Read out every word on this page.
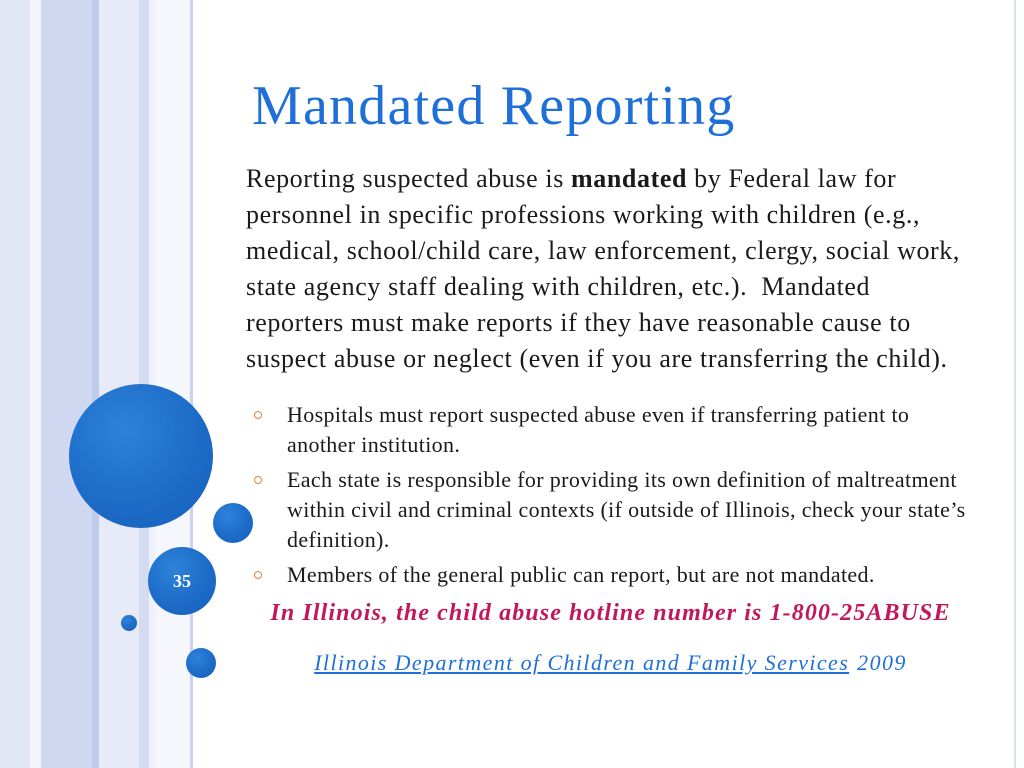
35
Mandated Reporting
Reporting suspected abuse is mandated by Federal law for
personnel in specific professions working with children (e.g.,
medical, school/child care, law enforcement, clergy, social work,
state agency staff dealing with children, etc.).  Mandated
reporters must make reports if they have reasonable cause to
suspect abuse or neglect (even if you are transferring the child).
Hospitals must report suspected abuse even if transferring patient to
another institution.
Each state is responsible for providing its own definition of maltreatment
within civil and criminal contexts (if outside of Illinois, check your state’s
definition).
Members of the general public can report, but are not mandated.
In Illinois, the child abuse hotline number is 1-800-25ABUSE
Illinois Department of Children and Family Services 2009
